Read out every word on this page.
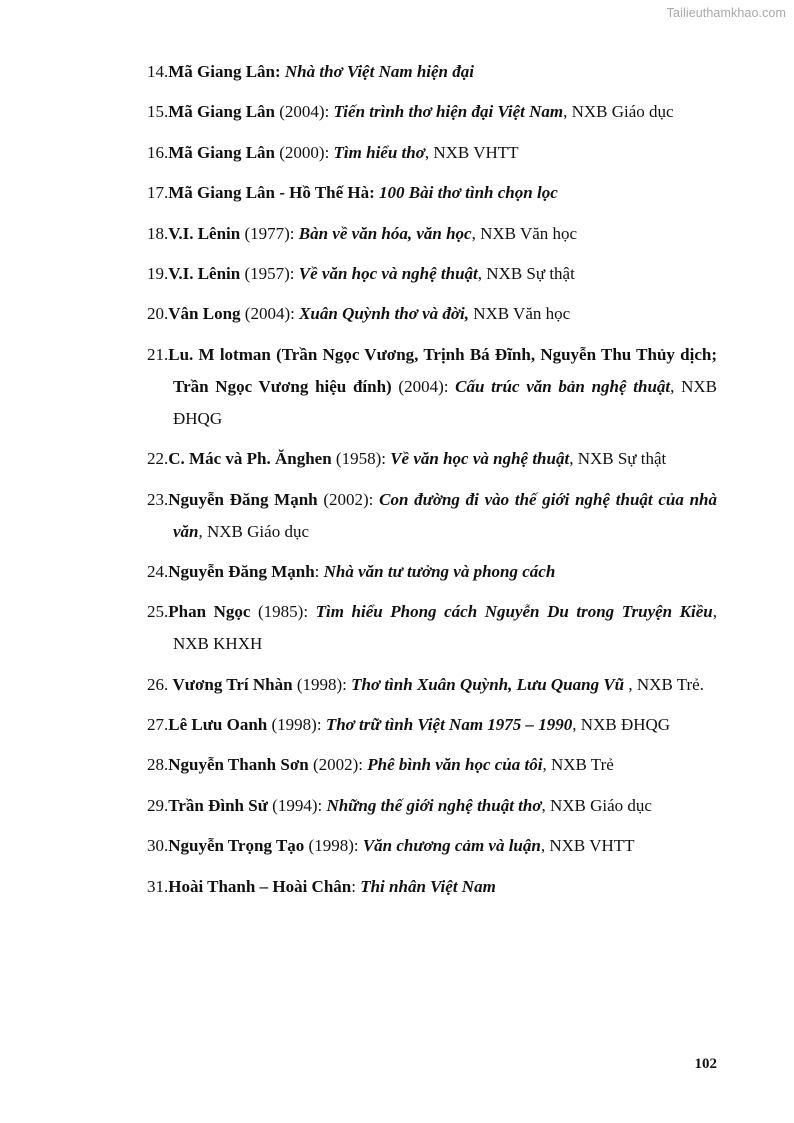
Tailieuthamkhao.com
14.Mã Giang Lân: Nhà thơ Việt Nam hiện đại
15.Mã Giang Lân (2004): Tiến trình thơ hiện đại Việt Nam, NXB Giáo dục
16.Mã Giang Lân (2000): Tìm hiểu thơ, NXB VHTT
17.Mã Giang Lân - Hồ Thế Hà: 100 Bài thơ tình chọn lọc
18.V.I. Lênin (1977): Bàn về văn hóa, văn học, NXB Văn học
19.V.I. Lênin (1957): Về văn học và nghệ thuật, NXB Sự thật
20.Vân Long (2004): Xuân Quỳnh thơ và đời, NXB Văn học
21.Lu. M lotman (Trần Ngọc Vương, Trịnh Bá Đĩnh, Nguyễn Thu Thủy dịch; Trần Ngọc Vương hiệu đính) (2004): Cấu trúc văn bản nghệ thuật, NXB ĐHQG
22.C. Mác và Ph. Ănghen (1958): Về văn học và nghệ thuật, NXB Sự thật
23.Nguyễn Đăng Mạnh (2002): Con đường đi vào thế giới nghệ thuật của nhà văn, NXB Giáo dục
24.Nguyễn Đăng Mạnh: Nhà văn tư tưởng và phong cách
25.Phan Ngọc (1985): Tìm hiểu Phong cách Nguyễn Du trong Truyện Kiều, NXB KHXH
26. Vương Trí Nhàn (1998): Thơ tình Xuân Quỳnh, Lưu Quang Vũ , NXB Trẻ.
27.Lê Lưu Oanh (1998): Thơ trữ tình Việt Nam 1975 – 1990, NXB ĐHQG
28.Nguyễn Thanh Sơn (2002): Phê bình văn học của tôi, NXB Trẻ
29.Trần Đình Sử (1994): Những thế giới nghệ thuật thơ, NXB Giáo dục
30.Nguyễn Trọng Tạo (1998): Văn chương cảm và luận, NXB VHTT
31.Hoài Thanh – Hoài Chân: Thi nhân Việt Nam
102
